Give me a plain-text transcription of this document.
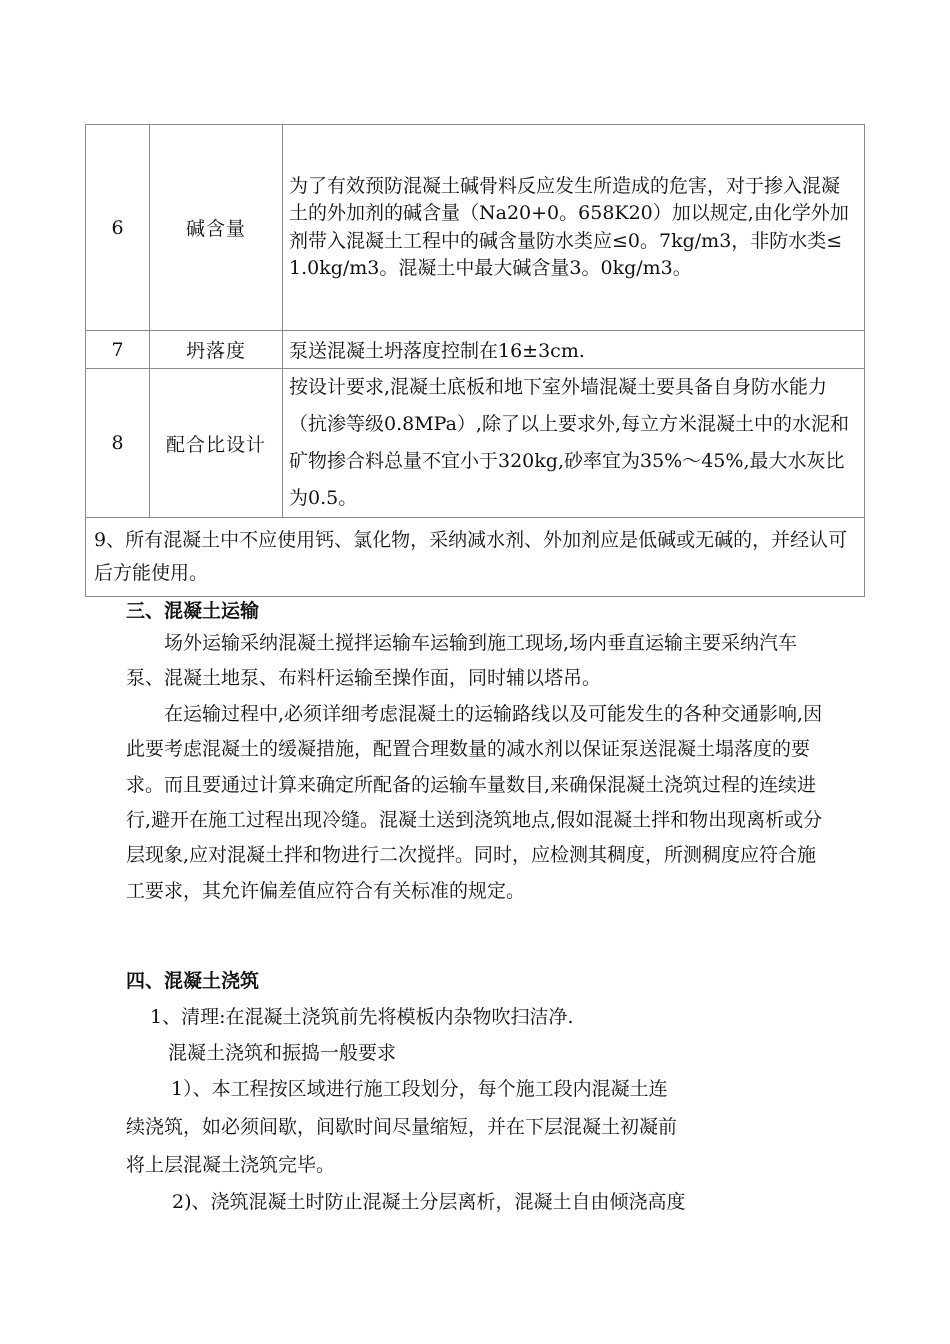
6	碱含量	为了有效预防混凝土碱骨料反应发生所造成的危害，对于掺入混凝土的外加剂的碱含量（Na20+0。658K20）加以规定,由化学外加剂带入混凝土工程中的碱含量防水类应≤0。7kg/m3，非防水类≤ 1.0kg/m3。混凝土中最大碱含量3。0kg/m3。
7	坍落度	泵送混凝土坍落度控制在16±3cm.
8	配合比设计	按设计要求,混凝土底板和地下室外墙混凝土要具备自身防水能力（抗渗等级0.8MPa）,除了以上要求外,每立方米混凝土中的水泥和矿物掺合料总量不宜小于320kg,砂率宜为35%～45%,最大水灰比为0.5。
9、所有混凝土中不应使用钙、氯化物，采纳减水剂、外加剂应是低碱或无碱的，并经认可后方能使用。		
三、混凝土运输

场外运输采纳混凝土搅拌运输车运输到施工现场,场内垂直运输主要采纳汽车泵、混凝土地泵、布料杆运输至操作面，同时辅以塔吊。

在运输过程中,必须详细考虑混凝土的运输路线以及可能发生的各种交通影响,因此要考虑混凝土的缓凝措施，配置合理数量的减水剂以保证泵送混凝土塌落度的要求。而且要通过计算来确定所配备的运输车量数目,来确保混凝土浇筑过程的连续进行,避开在施工过程出现冷缝。混凝土送到浇筑地点,假如混凝土拌和物出现离析或分层现象,应对混凝土拌和物进行二次搅拌。同时，应检测其稠度，所测稠度应符合施工要求，其允许偏差值应符合有关标准的规定。

四、混凝土浇筑
1、清理:在混凝土浇筑前先将模板内杂物吹扫洁净.
混凝土浇筑和振捣一般要求
1）、本工程按区域进行施工段划分，每个施工段内混凝土连
续浇筑，如必须间歇，间歇时间尽量缩短，并在下层混凝土初凝前
将上层混凝土浇筑完毕。
2)、浇筑混凝土时防止混凝土分层离析，混凝土自由倾浇高度
